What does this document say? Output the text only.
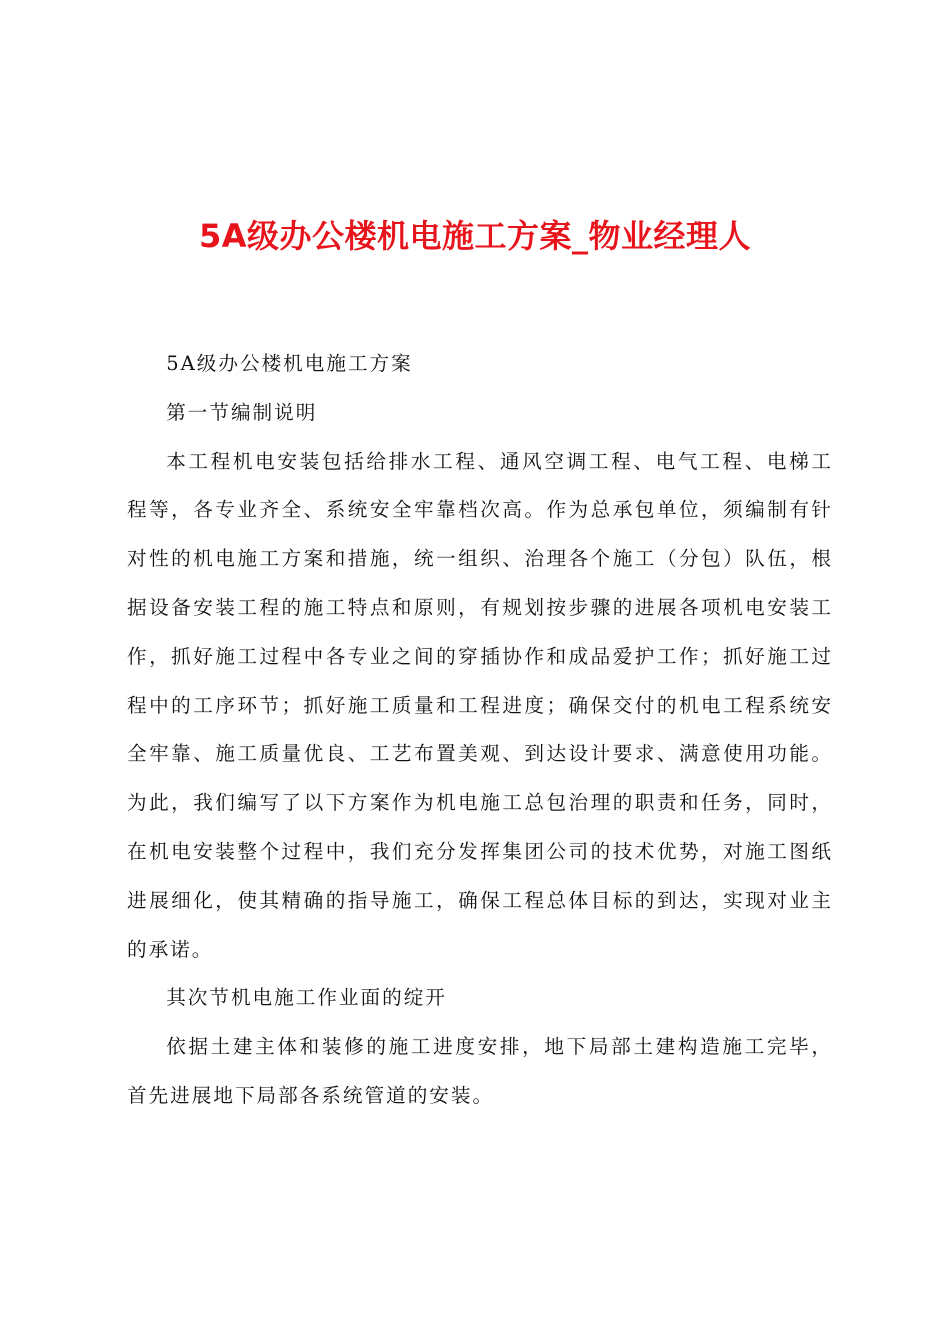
5A级办公楼机电施工方案_物业经理人

5A级办公楼机电施工方案

第一节编制说明

本工程机电安装包括给排水工程、通风空调工程、电气工程、电梯工程等，各专业齐全、系统安全牢靠档次高。作为总承包单位，须编制有针对性的机电施工方案和措施，统一组织、治理各个施工（分包）队伍，根据设备安装工程的施工特点和原则，有规划按步骤的进展各项机电安装工作，抓好施工过程中各专业之间的穿插协作和成品爱护工作；抓好施工过程中的工序环节；抓好施工质量和工程进度；确保交付的机电工程系统安全牢靠、施工质量优良、工艺布置美观、到达设计要求、满意使用功能。为此，我们编写了以下方案作为机电施工总包治理的职责和任务，同时，在机电安装整个过程中，我们充分发挥集团公司的技术优势，对施工图纸进展细化，使其精确的指导施工，确保工程总体目标的到达，实现对业主的承诺。

其次节机电施工作业面的绽开

依据土建主体和装修的施工进度安排，地下局部土建构造施工完毕，首先进展地下局部各系统管道的安装。
